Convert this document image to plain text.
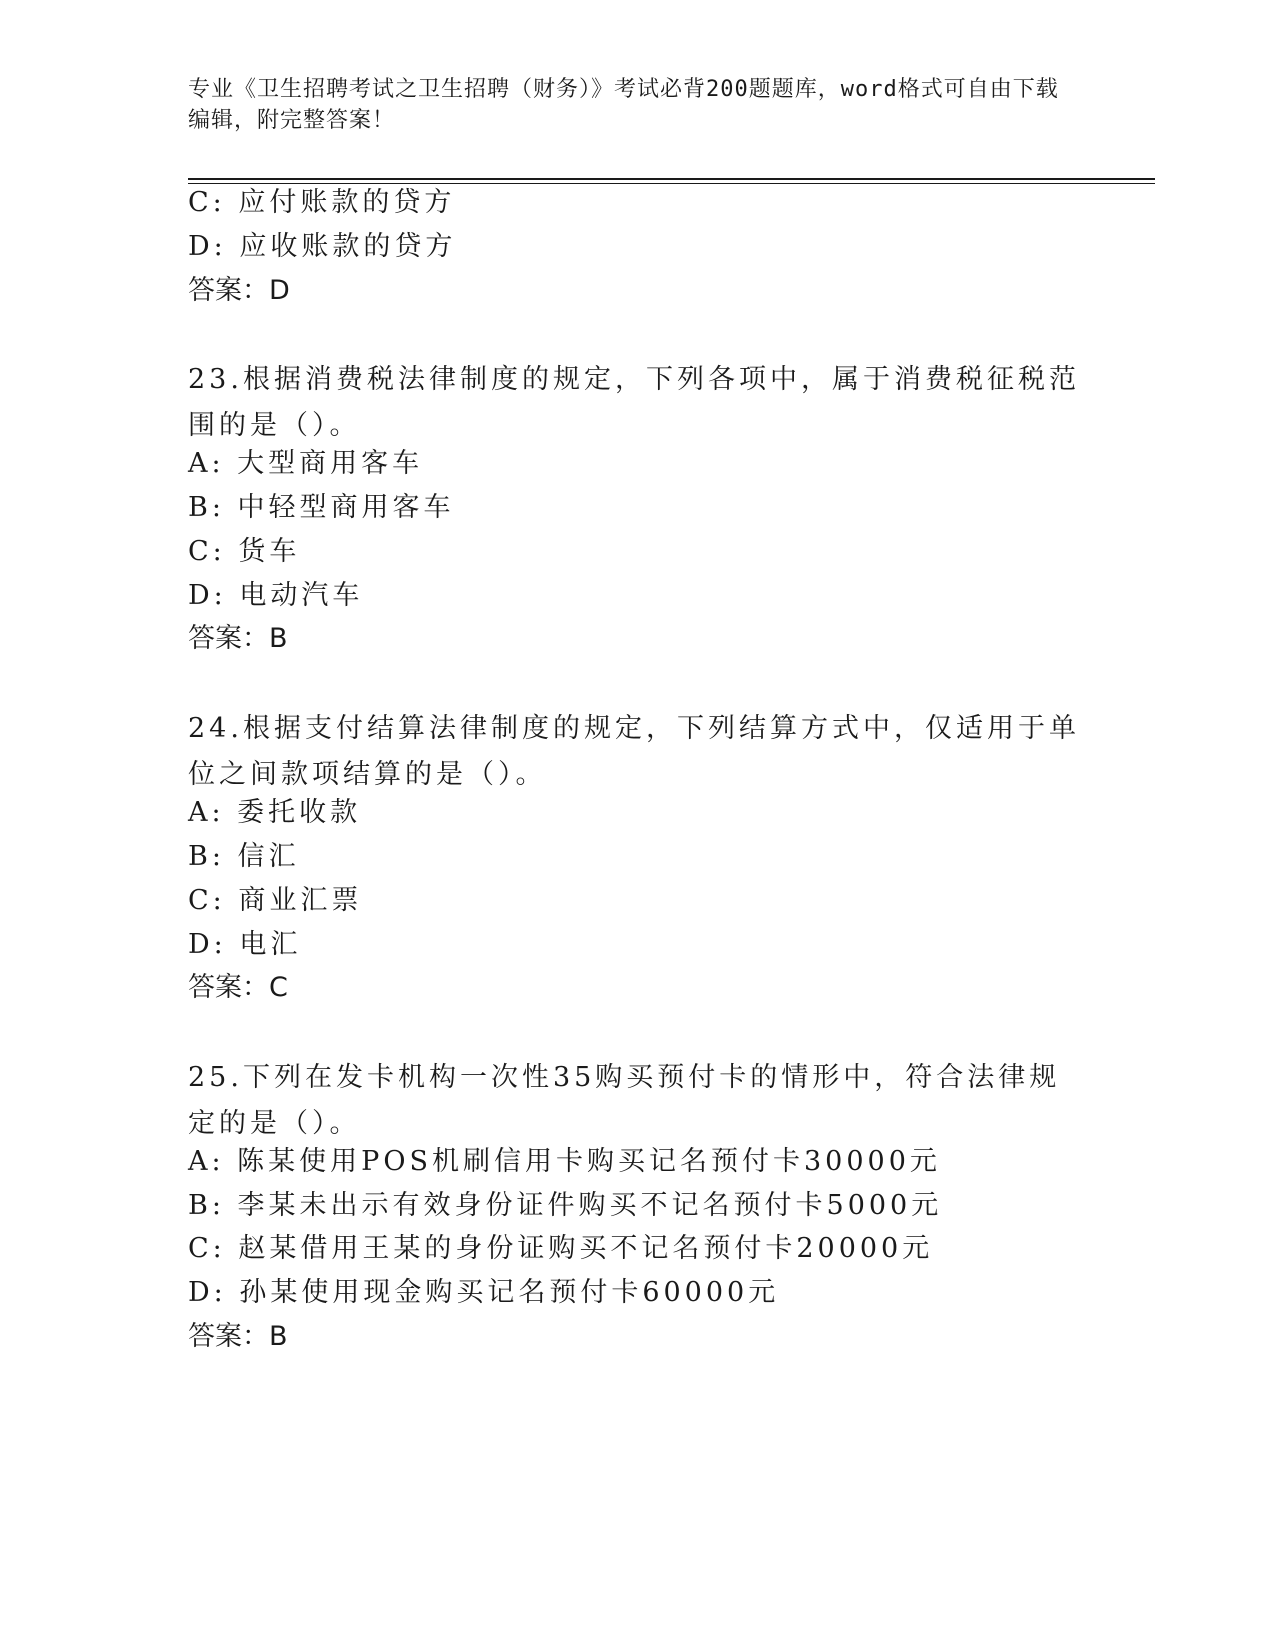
专业《卫生招聘考试之卫生招聘（财务）》考试必背200题题库，word格式可自由下载编辑，附完整答案！
C: 应付账款的贷方
D: 应收账款的贷方
答案：D
23.根据消费税法律制度的规定，下列各项中，属于消费税征税范围的是（）。
A: 大型商用客车
B: 中轻型商用客车
C: 货车
D: 电动汽车
答案：B
24.根据支付结算法律制度的规定，下列结算方式中，仅适用于单位之间款项结算的是（）。
A: 委托收款
B: 信汇
C: 商业汇票
D: 电汇
答案：C
25.下列在发卡机构一次性35购买预付卡的情形中，符合法律规定的是（）。
A: 陈某使用POS机刷信用卡购买记名预付卡30000元
B: 李某未出示有效身份证件购买不记名预付卡5000元
C: 赵某借用王某的身份证购买不记名预付卡20000元
D: 孙某使用现金购买记名预付卡60000元
答案：B
